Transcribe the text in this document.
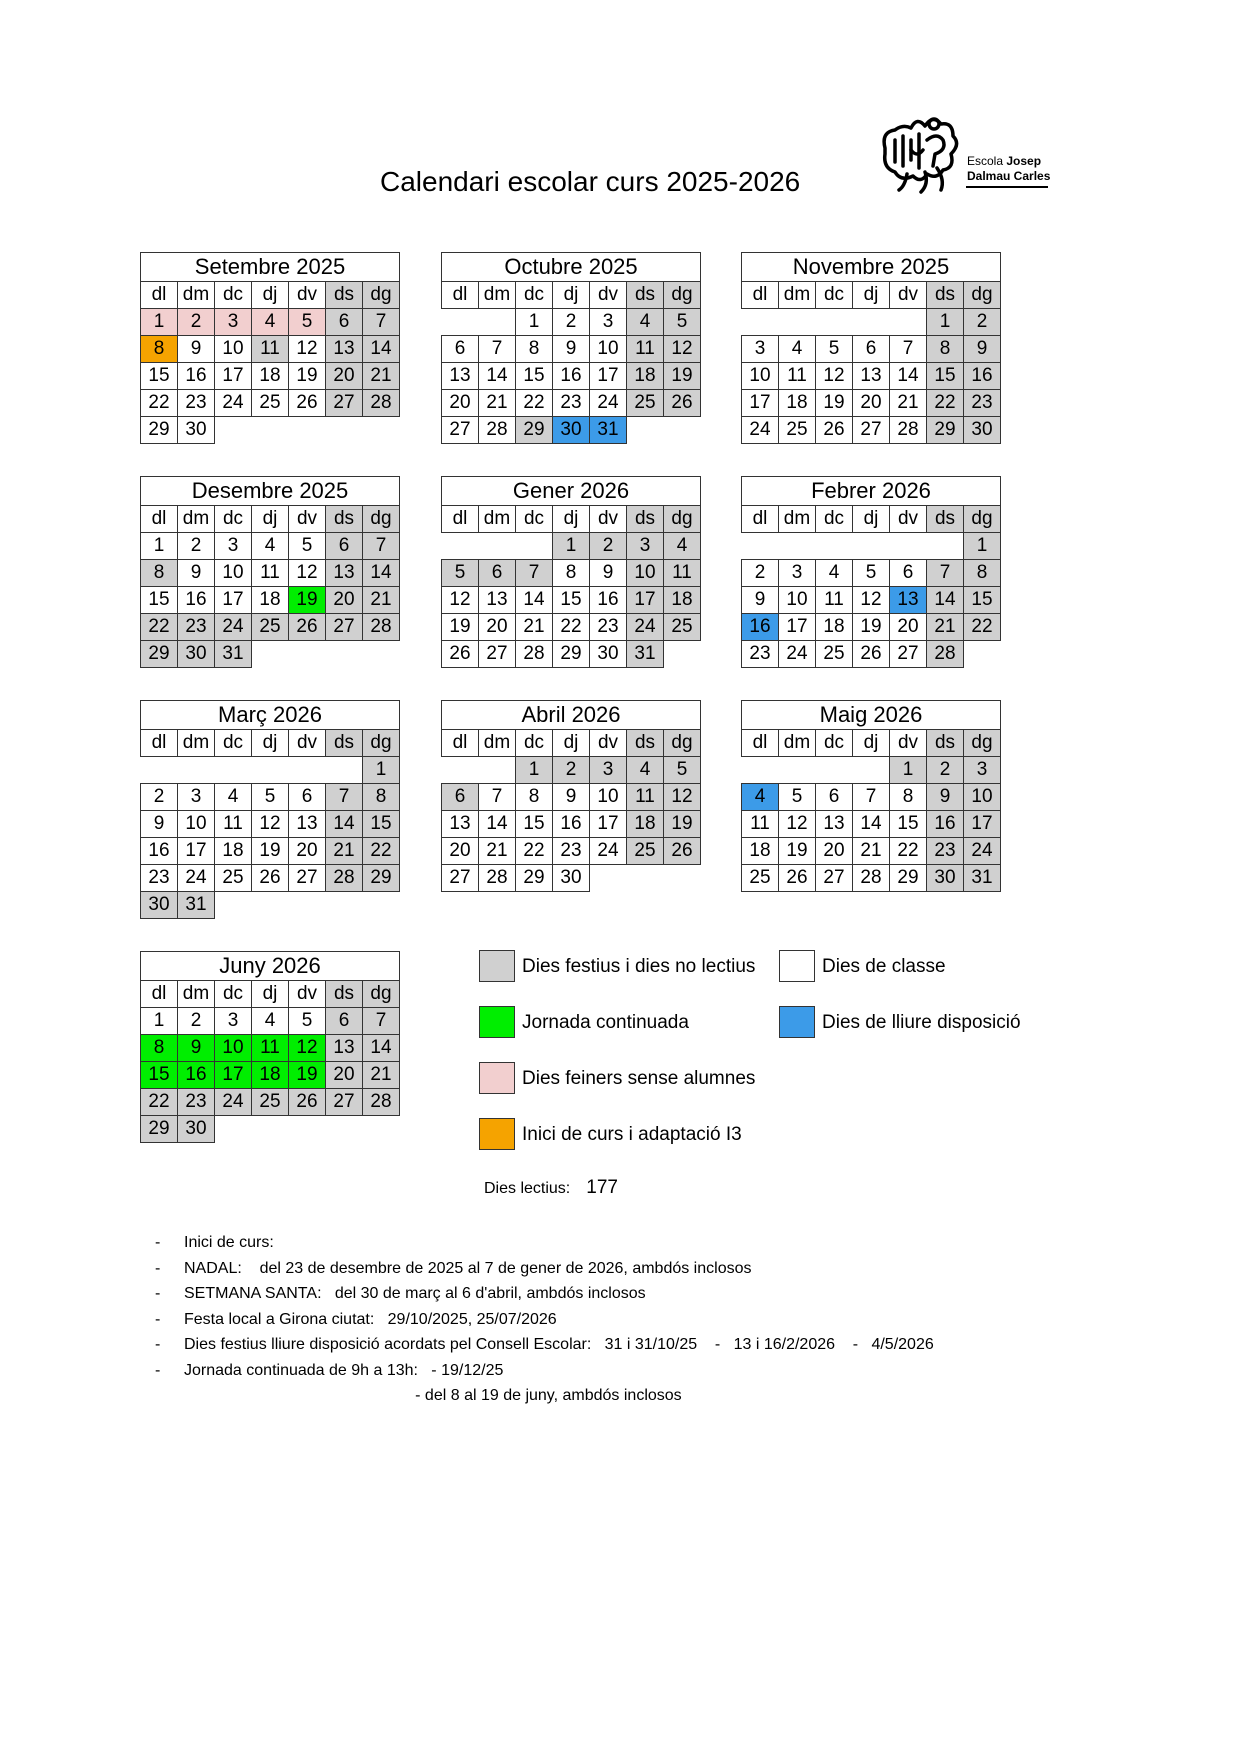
Calendari escolar curs 2025-2026
Escola Josep
Dalmau Carles
Setembre 2025						
dl	dm	dc	dj	dv	ds	dg
1	2	3	4	5	6	7
8	9	10	11	12	13	14
15	16	17	18	19	20	21
22	23	24	25	26	27	28
29	30					
Octubre 2025						
dl	dm	dc	dj	dv	ds	dg
		1	2	3	4	5
6	7	8	9	10	11	12
13	14	15	16	17	18	19
20	21	22	23	24	25	26
27	28	29	30	31		
Novembre 2025						
dl	dm	dc	dj	dv	ds	dg
					1	2
3	4	5	6	7	8	9
10	11	12	13	14	15	16
17	18	19	20	21	22	23
24	25	26	27	28	29	30
Desembre 2025						
dl	dm	dc	dj	dv	ds	dg
1	2	3	4	5	6	7
8	9	10	11	12	13	14
15	16	17	18	19	20	21
22	23	24	25	26	27	28
29	30	31				
Gener 2026						
dl	dm	dc	dj	dv	ds	dg
			1	2	3	4
5	6	7	8	9	10	11
12	13	14	15	16	17	18
19	20	21	22	23	24	25
26	27	28	29	30	31	
Febrer 2026						
dl	dm	dc	dj	dv	ds	dg
						1
2	3	4	5	6	7	8
9	10	11	12	13	14	15
16	17	18	19	20	21	22
23	24	25	26	27	28	
Març 2026						
dl	dm	dc	dj	dv	ds	dg
						1
2	3	4	5	6	7	8
9	10	11	12	13	14	15
16	17	18	19	20	21	22
23	24	25	26	27	28	29
30	31					
Abril 2026						
dl	dm	dc	dj	dv	ds	dg
		1	2	3	4	5
6	7	8	9	10	11	12
13	14	15	16	17	18	19
20	21	22	23	24	25	26
27	28	29	30			
Maig 2026						
dl	dm	dc	dj	dv	ds	dg
				1	2	3
4	5	6	7	8	9	10
11	12	13	14	15	16	17
18	19	20	21	22	23	24
25	26	27	28	29	30	31
Juny 2026						
dl	dm	dc	dj	dv	ds	dg
1	2	3	4	5	6	7
8	9	10	11	12	13	14
15	16	17	18	19	20	21
22	23	24	25	26	27	28
29	30					
Dies festius i dies no lectius	Dies de classe
Jornada continuada	Dies de lliure disposició
Dies feiners sense alumnes
Inici de curs i adaptació I3
Dies lectius: 177
- Inici de curs:
- NADAL:    del 23 de desembre de 2025 al 7 de gener de 2026, ambdós inclosos
- SETMANA SANTA:   del 30 de març al 6 d'abril, ambdós inclosos
- Festa local a Girona ciutat:   29/10/2025, 25/07/2026
- Dies festius lliure disposició acordats pel Consell Escolar:   31 i 31/10/25    -   13 i 16/2/2026    -   4/5/2026
- Jornada continuada de 9h a 13h:   - 19/12/25
- del 8 al 19 de juny, ambdós inclosos
